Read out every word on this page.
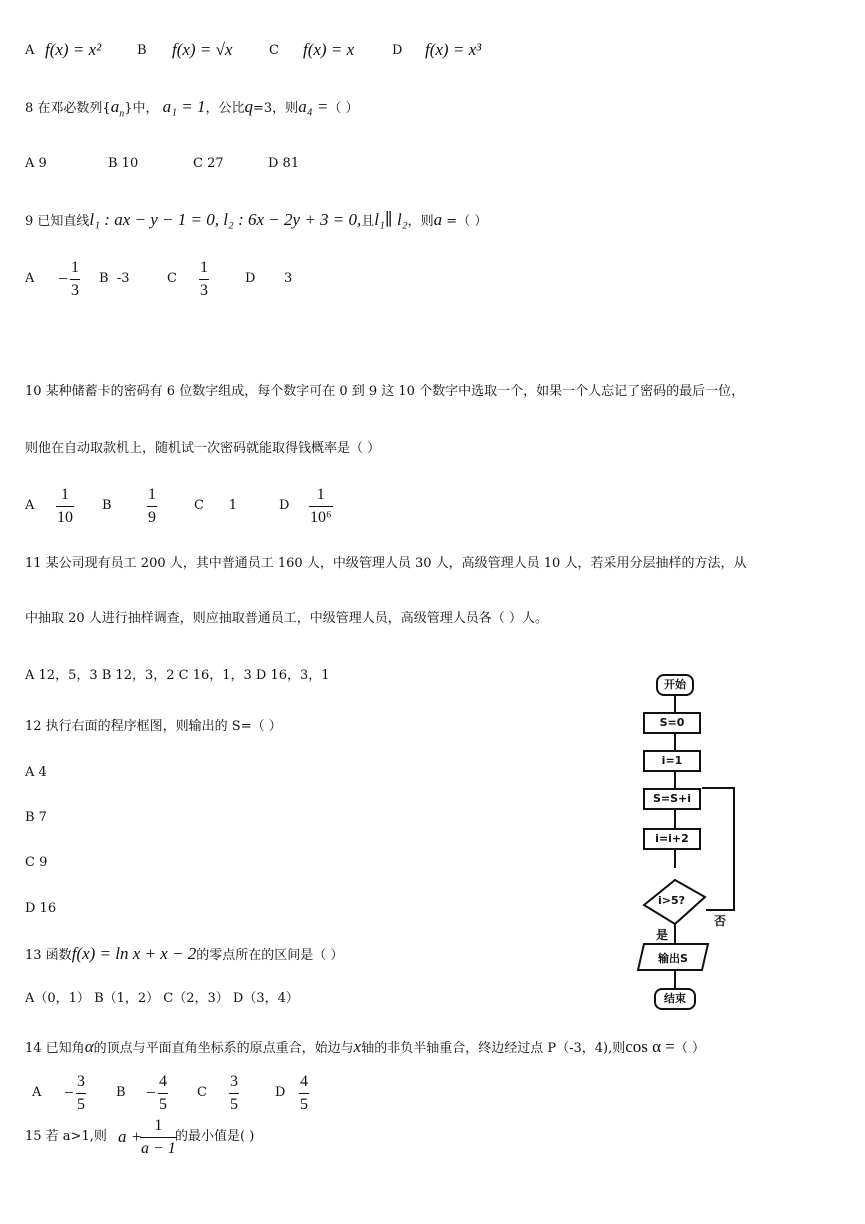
A f(x) = x²	B f(x) = √x	C f(x) = x	D f(x) = x³
8 在邓必数列$\{a_n\}$中， a₁ = 1，公比q=3，则a₄ =（ ）
A 9	B 10	C 27	D 81
9 已知直线l₁ : ax − y − 1 = 0, l₂ : 6x − 2y + 3 = 0,且l₁∥ l₂，则a =（ ）
$A - \frac{1}{3}$ B -3	C $\frac{1}{3}$	D 3
10 某种储蓄卡的密码有 6 位数字组成，每个数字可在 0 到 9 这 10 个数字中选取一个，如果一个人忘记了密码的最后一位，
则他在自动取款机上，随机试一次密码就能取得钱概率是（ ）
A $\frac{1}{10}$ B $\frac{1}{9}$	C 1	D $\frac{1}{\text{10⁶}}$
11 某公司现有员工 200 人，其中普通员工 160 人，中级管理人员 30 人，高级管理人员 10 人，若采用分层抽样的方法，从
中抽取 20 人进行抽样调查，则应抽取普通员工，中级管理人员，高级管理人员各（ ）人。
A 12，5，3 B 12，3，2 C 16，1，3 D 16，3，1
12 执行右面的程序框图，则输出的 S=（ ）
A 4
B 7
C 9
D 16
开始
S=0
i=1
S=S+i
i=i+2
i>5?
否
是
输出S
结束
13 函数f(x) = ln x + x − 2的零点所在的区间是（ ）
A（0，1） B（1，2） C（2，3） D（3，4）
14 已知角α的顶点与平面直角坐标系的原点重合，始边与x轴的非负半轴重合，终边经过点 P（-3，4),则cos α =（ ）
$A - \frac{3}{5}$ $B - \frac{4}{5}$ C $\frac{3}{5}$	D $\frac{4}{5}$
15 若 a>1,则 a +
$\frac{1}{a - 1}$
的最小值是( )
